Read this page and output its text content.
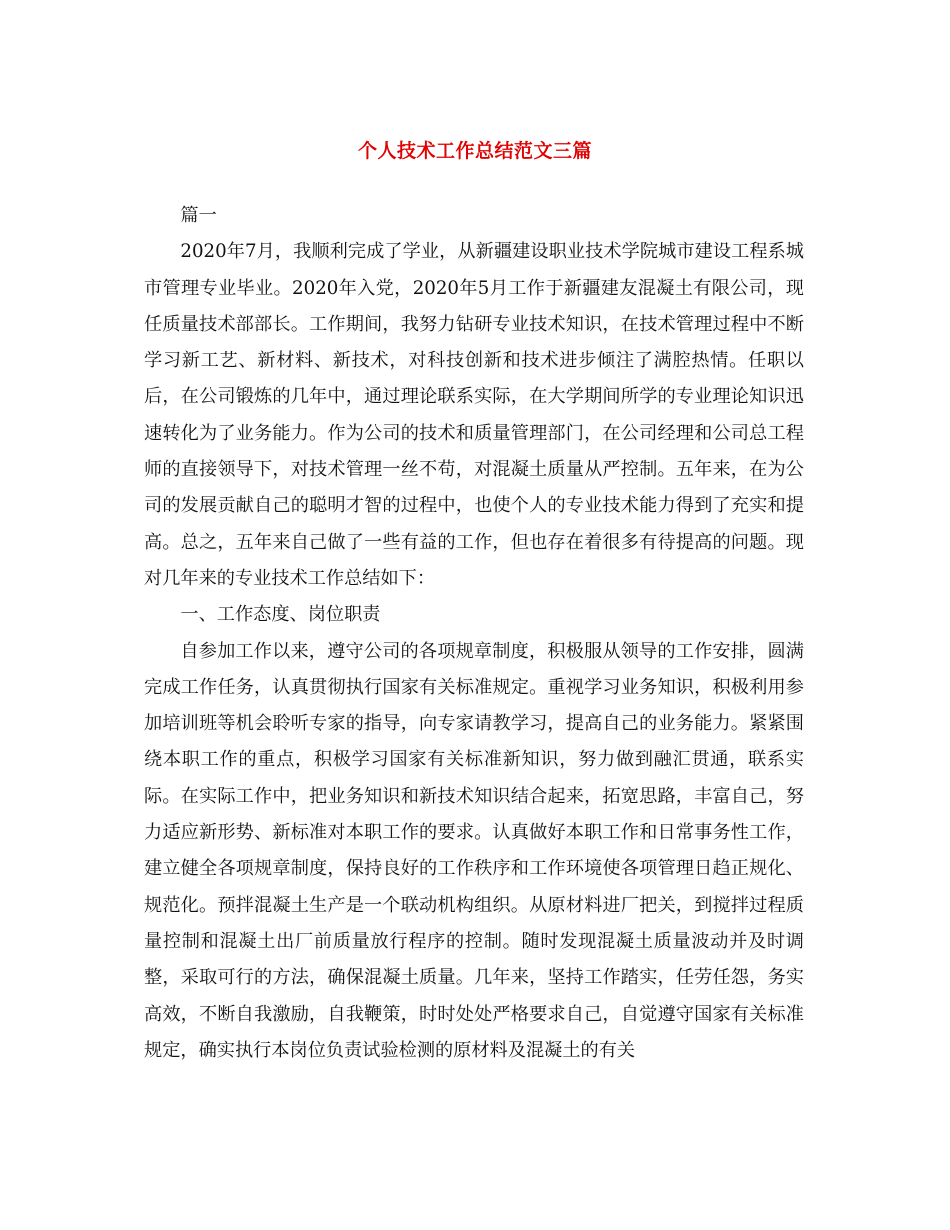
个人技术工作总结范文三篇

篇一

2020年7月，我顺利完成了学业，从新疆建设职业技术学院城市建设工程系城市管理专业毕业。2020年入党，2020年5月工作于新疆建友混凝土有限公司，现任质量技术部部长。工作期间，我努力钻研专业技术知识，在技术管理过程中不断学习新工艺、新材料、新技术，对科技创新和技术进步倾注了满腔热情。任职以后，在公司锻炼的几年中，通过理论联系实际，在大学期间所学的专业理论知识迅速转化为了业务能力。作为公司的技术和质量管理部门，在公司经理和公司总工程师的直接领导下，对技术管理一丝不苟，对混凝土质量从严控制。五年来，在为公司的发展贡献自己的聪明才智的过程中，也使个人的专业技术能力得到了充实和提高。总之，五年来自己做了一些有益的工作，但也存在着很多有待提高的问题。现对几年来的专业技术工作总结如下：

一、工作态度、岗位职责

自参加工作以来，遵守公司的各项规章制度，积极服从领导的工作安排，圆满完成工作任务，认真贯彻执行国家有关标准规定。重视学习业务知识，积极利用参加培训班等机会聆听专家的指导，向专家请教学习，提高自己的业务能力。紧紧围绕本职工作的重点，积极学习国家有关标准新知识，努力做到融汇贯通，联系实际。在实际工作中，把业务知识和新技术知识结合起来，拓宽思路，丰富自己，努力适应新形势、新标准对本职工作的要求。认真做好本职工作和日常事务性工作，建立健全各项规章制度，保持良好的工作秩序和工作环境使各项管理日趋正规化、规范化。预拌混凝土生产是一个联动机构组织。从原材料进厂把关，到搅拌过程质量控制和混凝土出厂前质量放行程序的控制。随时发现混凝土质量波动并及时调整，采取可行的方法，确保混凝土质量。几年来，坚持工作踏实，任劳任怨，务实高效，不断自我激励，自我鞭策，时时处处严格要求自己，自觉遵守国家有关标准规定，确实执行本岗位负责试验检测的原材料及混凝土的有关
